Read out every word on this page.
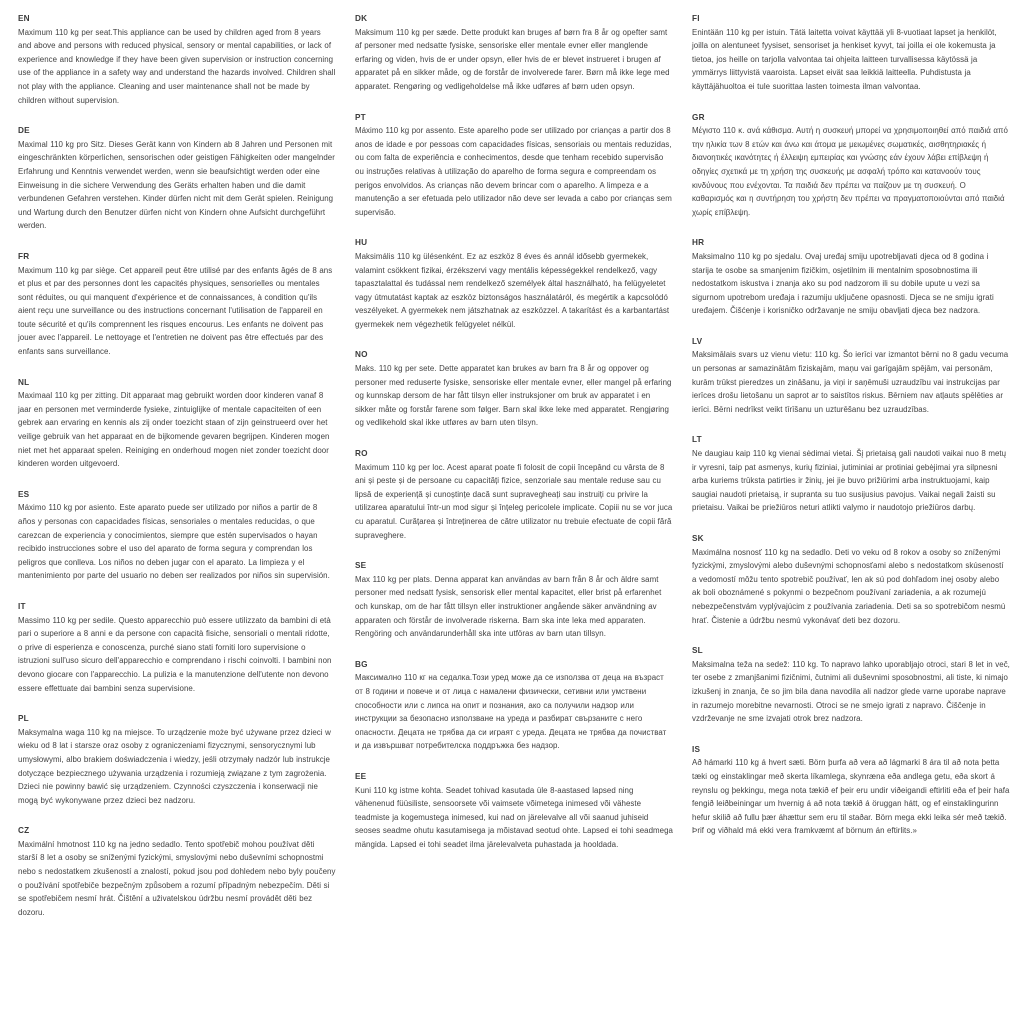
EN

Maximum 110 kg per seat.This appliance can be used by children aged from 8 years and above and persons with reduced physical, sensory or mental capabilities, or lack of experience and knowledge if they have been given supervision or instruction concerning use of the appliance in a safety way and understand the hazards involved. Children shall not play with the appliance. Cleaning and user maintenance shall not be made by children without supervision.

DE

Maximal 110 kg pro Sitz. Dieses Gerät kann von Kindern ab 8 Jahren und Personen mit eingeschränkten körperlichen, sensorischen oder geistigen Fähigkeiten oder mangelnder Erfahrung und Kenntnis verwendet werden, wenn sie beaufsichtigt werden oder eine Einweisung in die sichere Verwendung des Geräts erhalten haben und die damit verbundenen Gefahren verstehen. Kinder dürfen nicht mit dem Gerät spielen. Reinigung und Wartung durch den Benutzer dürfen nicht von Kindern ohne Aufsicht durchgeführt werden.

FR

Maximum 110 kg par siège. Cet appareil peut être utilisé par des enfants âgés de 8 ans et plus et par des personnes dont les capacités physiques, sensorielles ou mentales sont réduites, ou qui manquent d'expérience et de connaissances, à condition qu'ils aient reçu une surveillance ou des instructions concernant l'utilisation de l'appareil en toute sécurité et qu'ils comprennent les risques encourus. Les enfants ne doivent pas jouer avec l'appareil. Le nettoyage et l'entretien ne doivent pas être effectués par des enfants sans surveillance.

NL

Maximaal 110 kg per zitting. Dit apparaat mag gebruikt worden door kinderen vanaf 8 jaar en personen met verminderde fysieke, zintuiglijke of mentale capaciteiten of een gebrek aan ervaring en kennis als zij onder toezicht staan of zijn geinstrueerd over het veilige gebruik van het apparaat en de bijkomende gevaren begrijpen. Kinderen mogen niet met het apparaat spelen. Reiniging en onderhoud mogen niet zonder toezicht door kinderen worden uitgevoerd.

ES

Máximo 110 kg por asiento. Este aparato puede ser utilizado por niños a partir de 8 años y personas con capacidades físicas, sensoriales o mentales reducidas, o que carezcan de experiencia y conocimientos, siempre que estén supervisados o hayan recibido instrucciones sobre el uso del aparato de forma segura y comprendan los peligros que conlleva. Los niños no deben jugar con el aparato. La limpieza y el mantenimiento por parte del usuario no deben ser realizados por niños sin supervisión.

IT

Massimo 110 kg per sedile. Questo apparecchio può essere utilizzato da bambini di età pari o superiore a 8 anni e da persone con capacità fisiche, sensoriali o mentali ridotte, o prive di esperienza e conoscenza, purché siano stati forniti loro supervisione o istruzioni sull'uso sicuro dell'apparecchio e comprendano i rischi coinvolti. I bambini non devono giocare con l'apparecchio. La pulizia e la manutenzione dell'utente non devono essere effettuate dai bambini senza supervisione.

PL

Maksymalna waga 110 kg na miejsce. To urządzenie może być używane przez dzieci w wieku od 8 lat i starsze oraz osoby z ograniczeniami fizycznymi, sensorycznymi lub umysłowymi, albo brakiem doświadczenia i wiedzy, jeśli otrzymały nadzór lub instrukcje dotyczące bezpiecznego używania urządzenia i rozumieją związane z tym zagrożenia. Dzieci nie powinny bawić się urządzeniem. Czynności czyszczenia i konserwacji nie mogą być wykonywane przez dzieci bez nadzoru.

CZ

Maximální hmotnost 110 kg na jedno sedadlo. Tento spotřebič mohou používat děti starší 8 let a osoby se sníženými fyzickými, smyslovými nebo duševními schopnostmi nebo s nedostatkem zkušeností a znalostí, pokud jsou pod dohledem nebo byly poučeny o používání spotřebiče bezpečným způsobem a rozumí případným nebezpečím. Děti si se spotřebičem nesmí hrát. Čištění a uživatelskou údržbu nesmí provádět děti bez dozoru.

DK

Maksimum 110 kg per sæde. Dette produkt kan bruges af børn fra 8 år og opefter samt af personer med nedsatte fysiske, sensoriske eller mentale evner eller manglende erfaring og viden, hvis de er under opsyn, eller hvis de er blevet instrueret i brugen af apparatet på en sikker måde, og de forstår de involverede farer. Børn må ikke lege med apparatet. Rengøring og vedligeholdelse må ikke udføres af børn uden opsyn.

PT

Máximo 110 kg por assento. Este aparelho pode ser utilizado por crianças a partir dos 8 anos de idade e por pessoas com capacidades físicas, sensoriais ou mentais reduzidas, ou com falta de experiência e conhecimentos, desde que tenham recebido supervisão ou instruções relativas à utilização do aparelho de forma segura e compreendam os perigos envolvidos. As crianças não devem brincar com o aparelho. A limpeza e a manutenção a ser efetuada pelo utilizador não deve ser levada a cabo por crianças sem supervisão.

HU

Maksimális 110 kg ülésenként. Ez az eszköz 8 éves és annál idősebb gyermekek, valamint csökkent fizikai, érzékszervi vagy mentális képességekkel rendelkező, vagy tapasztalattal és tudással nem rendelkező személyek által használható, ha felügyeletet vagy útmutatást kaptak az eszköz biztonságos használatáról, és megértik a kapcsolódó veszélyeket. A gyermekek nem játszhatnak az eszközzel. A takarítást és a karbantartást gyermekek nem végezhetik felügyelet nélkül.

NO

Maks. 110 kg per sete. Dette apparatet kan brukes av barn fra 8 år og oppover og personer med reduserte fysiske, sensoriske eller mentale evner, eller mangel på erfaring og kunnskap dersom de har fått tilsyn eller instruksjoner om bruk av apparatet i en sikker måte og forstår farene som følger. Barn skal ikke leke med apparatet. Rengjøring og vedlikehold skal ikke utføres av barn uten tilsyn.

RO

Maximum 110 kg per loc. Acest aparat poate fi folosit de copii începând cu vârsta de 8 ani și peste și de persoane cu capacități fizice, senzoriale sau mentale reduse sau cu lipsă de experiență și cunoștințe dacă sunt supravegheați sau instruiți cu privire la utilizarea aparatului într-un mod sigur și înțeleg pericolele implicate. Copiii nu se vor juca cu aparatul. Curățarea și întreținerea de către utilizator nu trebuie efectuate de copii fără supraveghere.

SE

Max 110 kg per plats. Denna apparat kan användas av barn från 8 år och äldre samt personer med nedsatt fysisk, sensorisk eller mental kapacitet, eller brist på erfarenhet och kunskap, om de har fått tillsyn eller instruktioner angående säker användning av apparaten och förstår de involverade riskerna. Barn ska inte leka med apparaten. Rengöring och användarunderhåll ska inte utföras av barn utan tillsyn.

BG

Максимално 110 кг на седалка.Този уред може да се използва от деца на възраст от 8 години и повече и от лица с намалени физически, сетивни или умствени способности или с липса на опит и познания, ако са получили надзор или инструкции за безопасно използване на уреда и разбират свързаните с него опасности. Децата не трябва да си играят с уреда. Децата не трябва да почистват и да извършват потребителска поддръжка без надзор.

EE

Kuni 110 kg istme kohta. Seadet tohivad kasutada üle 8-aastased lapsed ning vähenenud füüsiliste, sensoorsete või vaimsete võimetega inimesed või väheste teadmiste ja kogemustega inimesed, kui nad on järelevalve all või saanud juhiseid seoses seadme ohutu kasutamisega ja mõistavad seotud ohte. Lapsed ei tohi seadmega mängida. Lapsed ei tohi seadet ilma järelevalveta puhastada ja hooldada.

FI

Enintään 110 kg per istuin. Tätä laitetta voivat käyttää yli 8-vuotiaat lapset ja henkilöt, joilla on alentuneet fyysiset, sensoriset ja henkiset kyvyt, tai joilla ei ole kokemusta ja tietoa, jos heille on tarjolla valvontaa tai ohjeita laitteen turvallisessa käytössä ja ymmärrys liittyvistä vaaroista. Lapset eivät saa leikkiä laitteella. Puhdistusta ja käyttäjähuoltoa ei tule suorittaa lasten toimesta ilman valvontaa.

GR

Μέγιστο 110 κ. ανά κάθισμα. Αυτή η συσκευή μπορεί να χρησιμοποιηθεί από παιδιά από την ηλικία των 8 ετών και άνω και άτομα με μειωμένες σωματικές, αισθητηριακές ή διανοητικές ικανότητες ή έλλειψη εμπειρίας και γνώσης εάν έχουν λάβει επίβλεψη ή οδηγίες σχετικά με τη χρήση της συσκευής με ασφαλή τρόπο και κατανοούν τους κινδύνους που ενέχονται. Τα παιδιά δεν πρέπει να παίζουν με τη συσκευή. Ο καθαρισμός και η συντήρηση του χρήστη δεν πρέπει να πραγματοποιούνται από παιδιά χωρίς επίβλεψη.

HR

Maksimalno 110 kg po sjedalu. Ovaj uređaj smiju upotrebljavati djeca od 8 godina i starija te osobe sa smanjenim fizičkim, osjetilnim ili mentalnim sposobnostima ili nedostatkom iskustva i znanja ako su pod nadzorom ili su dobile upute u vezi sa sigurnom upotrebom uređaja i razumiju uključene opasnosti. Djeca se ne smiju igrati uređajem. Čišćenje i korisničko održavanje ne smiju obavljati djeca bez nadzora.

LV

Maksimālais svars uz vienu vietu: 110 kg. Šo ierīci var izmantot bērni no 8 gadu vecuma un personas ar samazinātām fiziskajām, maņu vai garīgajām spējām, vai personām, kurām trūkst pieredzes un zināšanu, ja viņi ir saņēmuši uzraudzību vai instrukcijas par ierīces drošu lietošanu un saprot ar to saistītos riskus. Bērniem nav atļauts spēlēties ar ierīci. Bērni nedrīkst veikt tīrīšanu un uzturēšanu bez uzraudzības.

LT

Ne daugiau kaip 110 kg vienai sėdimai vietai. Šį prietaisą gali naudoti vaikai nuo 8 metų ir vyresni, taip pat asmenys, kurių fiziniai, jutiminiai ar protiniai gebėjimai yra silpnesni arba kuriems trūksta patirties ir žinių, jei jie buvo prižiūrimi arba instruktuojami, kaip saugiai naudoti prietaisą, ir supranta su tuo susijusius pavojus. Vaikai negali žaisti su prietaisu. Vaikai be priežiūros neturi atlikti valymo ir naudotojo priežiūros darbų.

SK

Maximálna nosnosť 110 kg na sedadlo. Deti vo veku od 8 rokov a osoby so zníženými fyzickými, zmyslovými alebo duševnými schopnosťami alebo s nedostatkom skúseností a vedomostí môžu tento spotrebič používať, len ak sú pod dohľadom inej osoby alebo ak boli oboznámené s pokynmi o bezpečnom používaní zariadenia, a ak rozumejú nebezpečenstvám vyplývajúcim z používania zariadenia. Deti sa so spotrebičom nesmú hrať. Čistenie a údržbu nesmú vykonávať deti bez dozoru.

SL

Maksimalna teža na sedež: 110 kg. To napravo lahko uporabljajo otroci, stari 8 let in več, ter osebe z zmanjšanimi fizičnimi, čutnimi ali duševnimi sposobnostmi, ali tiste, ki nimajo izkušenj in znanja, če so jim bila dana navodila ali nadzor glede varne uporabe naprave in razumejo morebitne nevarnosti. Otroci se ne smejo igrati z napravo. Čiščenje in vzdrževanje ne sme izvajati otrok brez nadzora.

IS

Að hámarki 110 kg á hvert sæti. Börn þurfa að vera að lágmarki 8 ára til að nota þetta tæki og einstaklingar með skerta líkamlega, skynræna eða andlega getu, eða skort á reynslu og þekkingu, mega nota tækið ef þeir eru undir viðeigandi eftirliti eða ef þeir hafa fengið leiðbeiningar um hvernig á að nota tækið á öruggan hátt, og ef einstaklingurinn hefur skilið að fullu þær áhættur sem eru til staðar. Börn mega ekki leika sér með tækið. Þrif og viðhald má ekki vera framkvæmt af börnum án eftirlits.»
